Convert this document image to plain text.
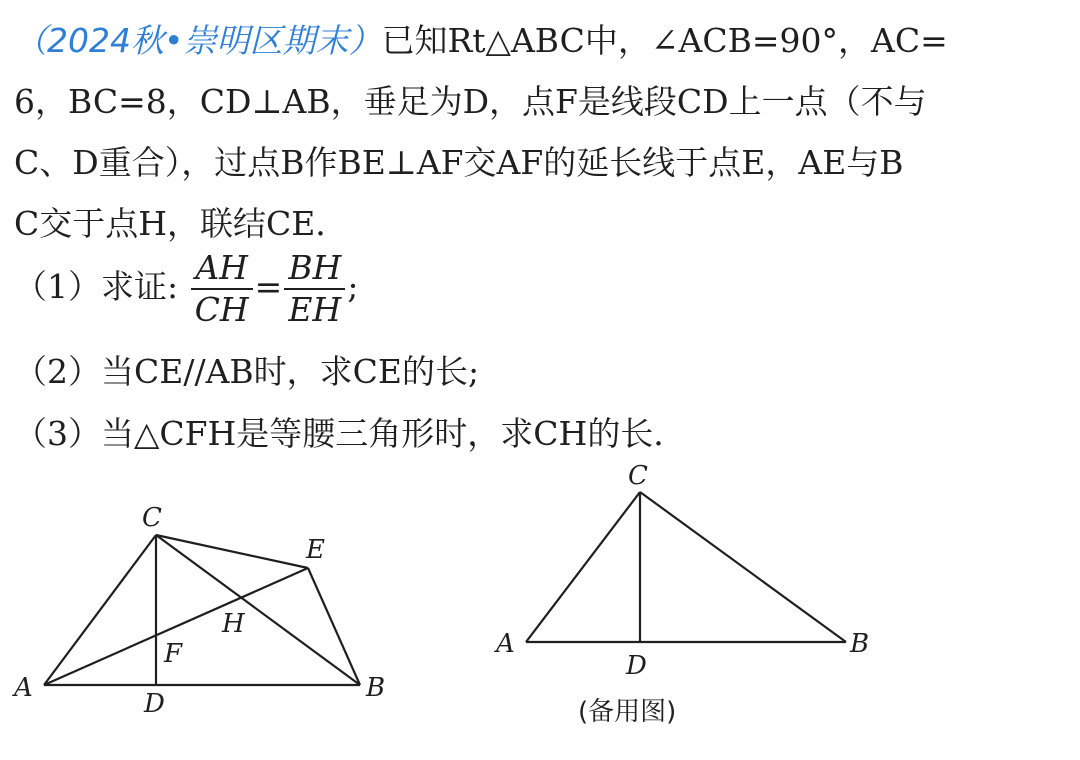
（2024秋•崇明区期末）已知Rt△ABC中，∠ACB=90°，AC=
6，BC=8，CD⊥AB，垂足为D，点F是线段CD上一点（不与
C、D重合），过点B作BE⊥AF交AF的延长线于点E，AE与B
C交于点H，联结CE．
（1）求证: $\frac{AH}{CH} = \frac{BH}{EH}$ ;
（2）当CE//AB时，求CE的长;
（3）当△CFH是等腰三角形时，求CH的长．
C
E
H
F
A	B
D
C
A	B
D
(备用图)
